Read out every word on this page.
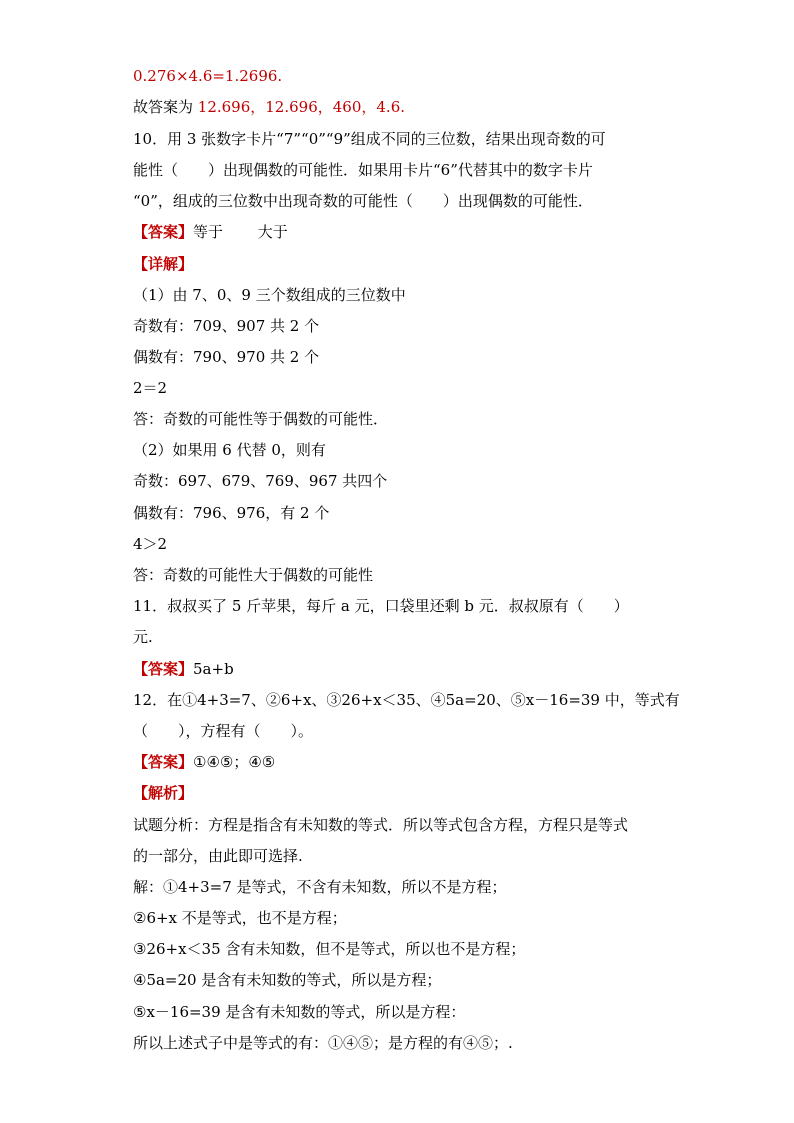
0.276×4.6=1.2696.
故答案为 12.696，12.696，460，4.6.
10．用 3 张数字卡片“7”“0”“9”组成不同的三位数，结果出现奇数的可
能性（　　）出现偶数的可能性．如果用卡片“6”代替其中的数字卡片
“0”，组成的三位数中出现奇数的可能性（　　）出现偶数的可能性．
【答案】等于　　 大于
【详解】
（1）由 7、0、9 三个数组成的三位数中
奇数有：709、907 共 2 个
偶数有：790、970 共 2 个
2＝2
答：奇数的可能性等于偶数的可能性．
（2）如果用 6 代替 0，则有
奇数：697、679、769、967 共四个
偶数有：796、976，有 2 个
4＞2
答：奇数的可能性大于偶数的可能性
11．叔叔买了 5 斤苹果，每斤 a 元，口袋里还剩 b 元．叔叔原有（　　）
元.
【答案】5a+b
12．在①4+3=7、②6+x、③26+x＜35、④5a=20、⑤x－16=39 中，等式有
（　　），方程有（　　）。
【答案】①④⑤；④⑤
【解析】
试题分析：方程是指含有未知数的等式．所以等式包含方程，方程只是等式
的一部分，由此即可选择.
解：①4+3=7 是等式，不含有未知数，所以不是方程；
②6+x 不是等式，也不是方程；
③26+x＜35 含有未知数，但不是等式，所以也不是方程；
④5a=20 是含有未知数的等式，所以是方程；
⑤x－16=39 是含有未知数的等式，所以是方程：
所以上述式子中是等式的有：①④⑤；是方程的有④⑤；.
